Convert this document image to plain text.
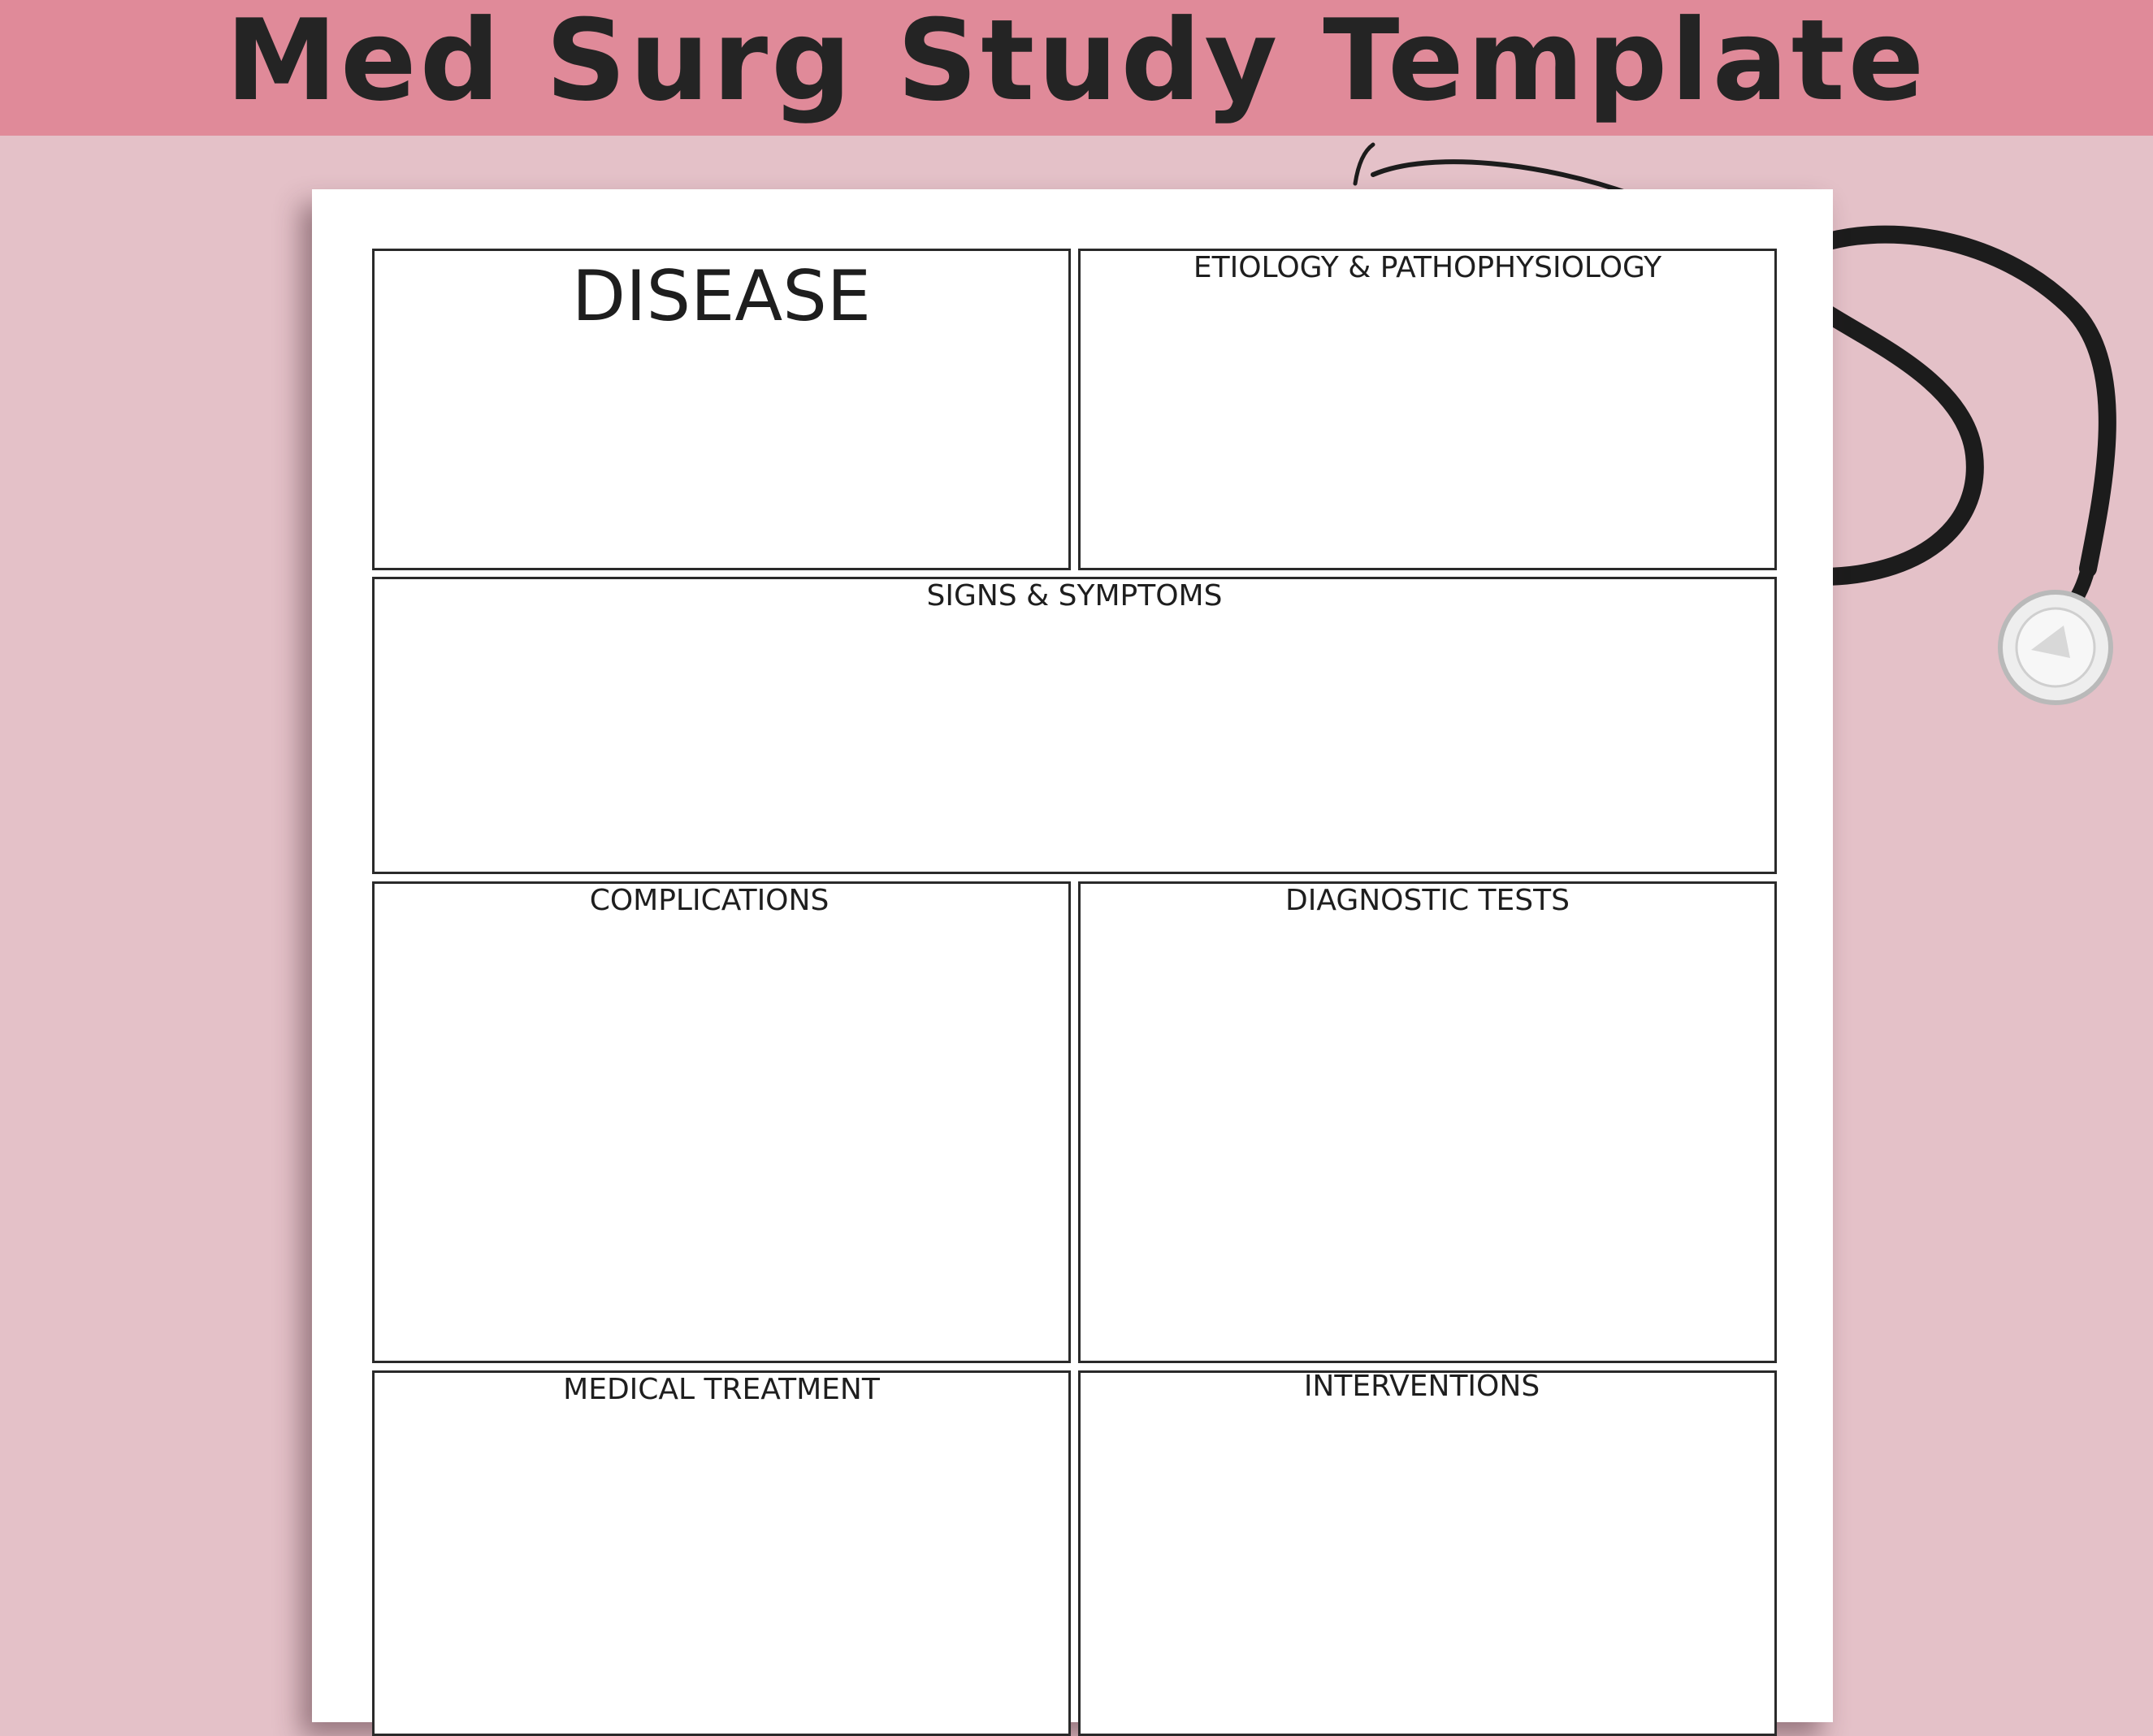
Med Surg Study Template
DISEASE	ETIOLOGY & PATHOPHYSIOLOGY
SIGNS & SYMPTOMS
COMPLICATIONS	DIAGNOSTIC TESTS
MEDICAL TREATMENT	INTERVENTIONS
